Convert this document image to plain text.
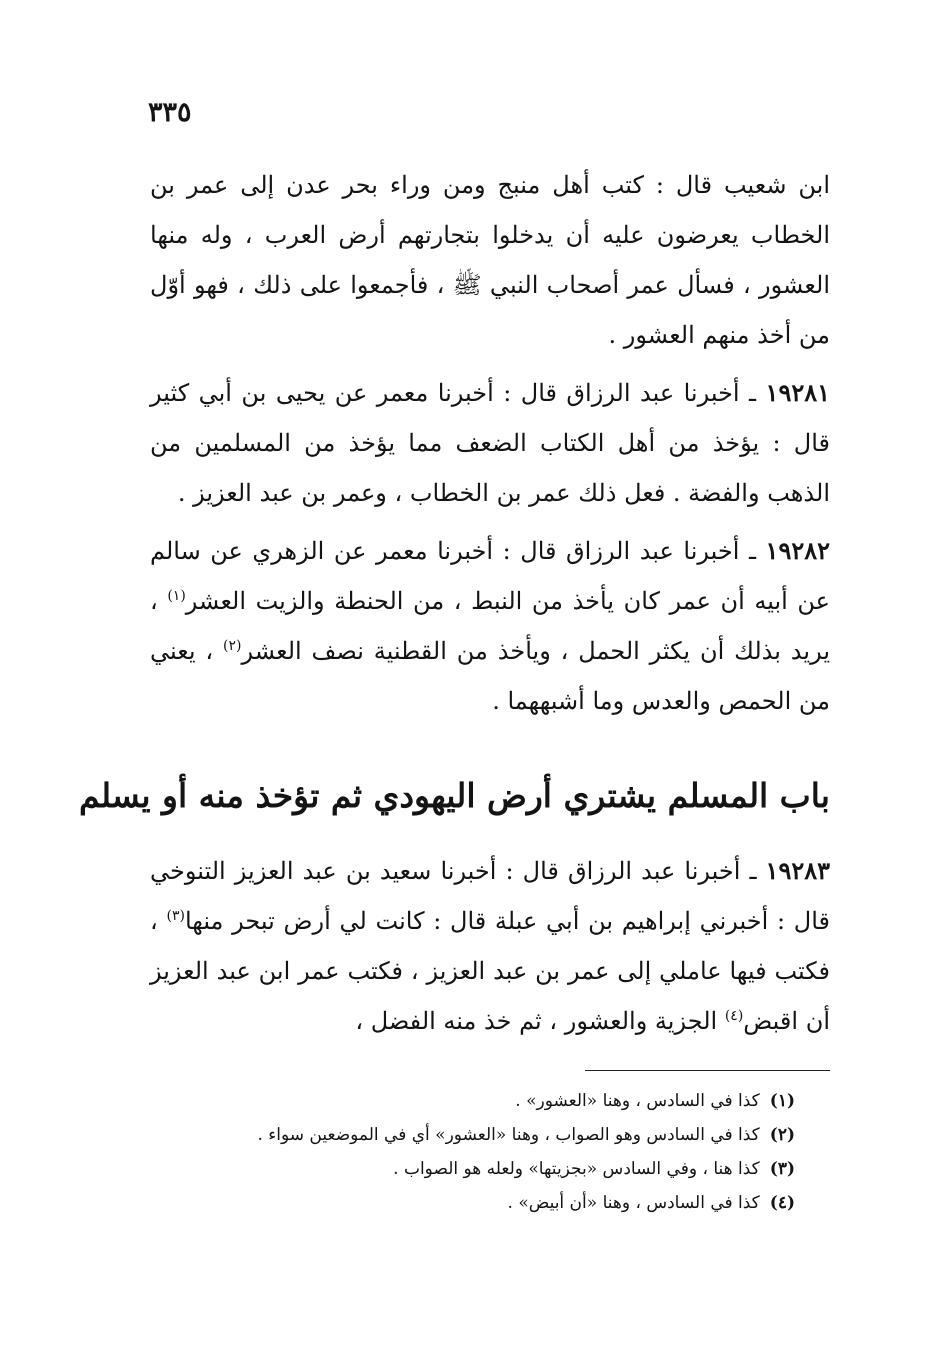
٣٣٥

ابن شعيب قال : كتب أهل منبج ومن وراء بحر عدن إلى عمر بن الخطاب يعرضون عليه أن يدخلوا بتجارتهم أرض العرب ، وله منها العشور ، فسأل عمر أصحاب النبي ﷺ ، فأجمعوا على ذلك ، فهو أوّل من أخذ منهم العشور .

١٩٢٨١ ـ أخبرنا عبد الرزاق قال : أخبرنا معمر عن يحيى بن أبي كثير قال : يؤخذ من أهل الكتاب الضعف مما يؤخذ من المسلمين من الذهب والفضة . فعل ذلك عمر بن الخطاب ، وعمر بن عبد العزيز .

١٩٢٨٢ ـ أخبرنا عبد الرزاق قال : أخبرنا معمر عن الزهري عن سالم عن أبيه أن عمر كان يأخذ من النبط ، من الحنطة والزيت العشر$^{(١)}$ ، يريد بذلك أن يكثر الحمل ، ويأخذ من القطنية نصف العشر$^{(٢)}$ ، يعني من الحمص والعدس وما أشبههما .

باب المسلم يشتري أرض اليهودي ثم تؤخذ منه أو يسلم

١٩٢٨٣ ـ أخبرنا عبد الرزاق قال : أخبرنا سعيد بن عبد العزيز التنوخي قال : أخبرني إبراهيم بن أبي عبلة قال : كانت لي أرض تبحر منها$^{(٣)}$ ، فكتب فيها عاملي إلى عمر بن عبد العزيز ، فكتب عمر ابن عبد العزيز أن اقبض$^{(٤)}$ الجزية والعشور ، ثم خذ منه الفضل ،

(١)كذا في السادس ، وهنا «العشور» .

(٢)كذا في السادس وهو الصواب ، وهنا «العشور» أي في الموضعين سواء .

(٣)كذا هنا ، وفي السادس «بجزيتها» ولعله هو الصواب .

(٤)كذا في السادس ، وهنا «أن أبيض» .
